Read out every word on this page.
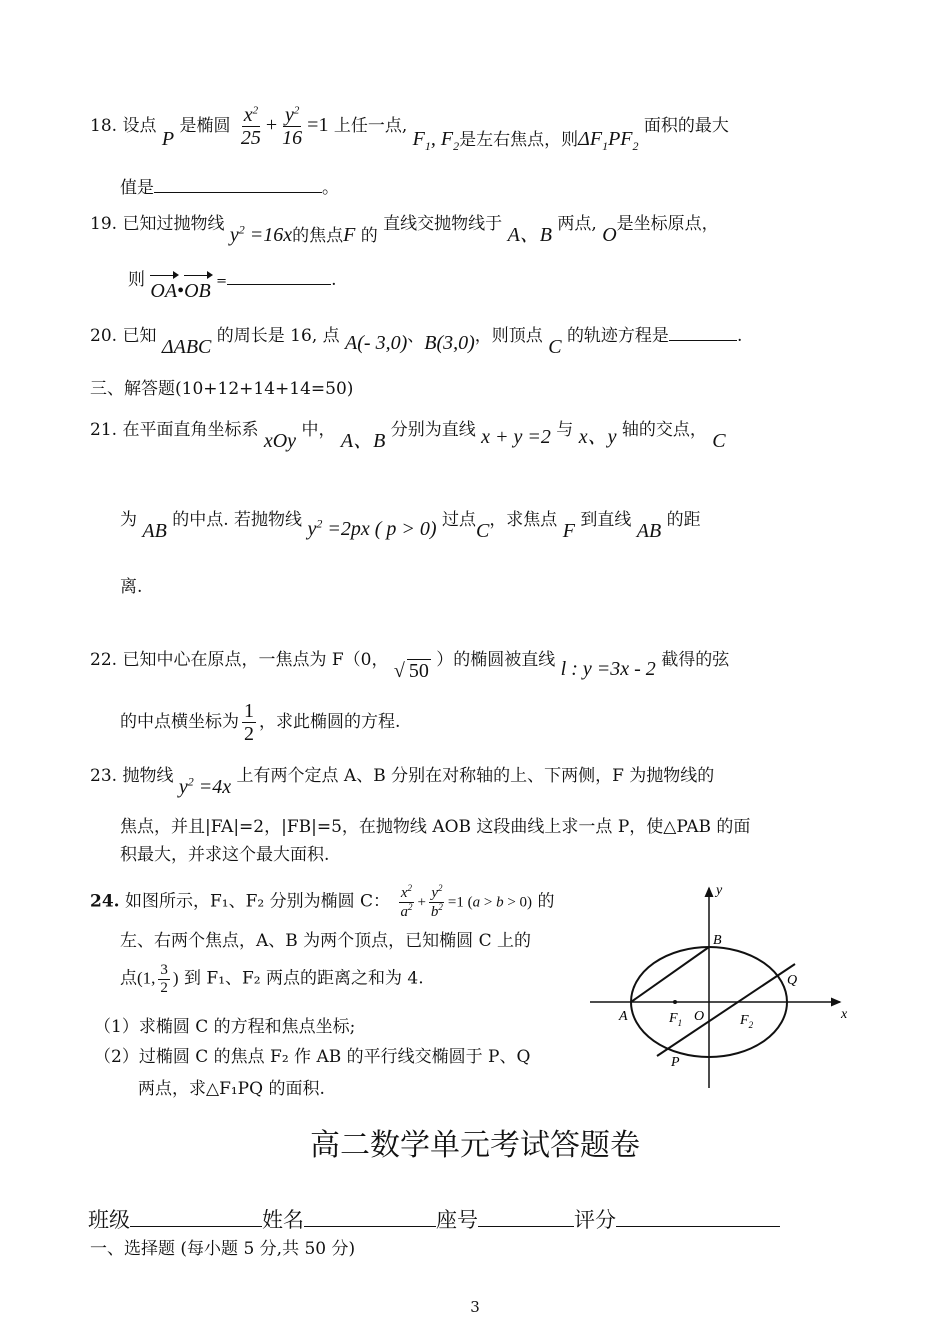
18. 设点 P 是椭圆 $\frac{x^2}{25} + \frac{y^2}{16} =1$ 上任一点, $F_1$, $F_2$是左右焦点，则$\Delta F_1PF_2$ 面积的最大
值是	。
19. 已知过抛物线 $y^2 =16x$的焦点F 的 直线交抛物线于 A、B 两点, O是坐标原点，
则 OA•OB =	.
20. 已知 ΔABC 的周长是 16, 点 A(- 3,0)、B(3,0)，则顶点 C 的轨迹方程是	.
三、解答题(10+12+14+14=50)
21. 在平面直角坐标系 xOy 中， A、B 分别为直线 x + y =2 与 x、y 轴的交点， C
为 AB 的中点. 若抛物线 $y^2 =2px$ ( p > 0) 过点C，求焦点 F 到直线 AB 的距
离.
22. 已知中心在原点，一焦点为 F（0， √ 50 ）的椭圆被直线 l : y =3x - 2 截得的弦
的中点横坐标为 $\frac{1}{2}$ ，求此椭圆的方程.
23. 抛物线 $y^2 =4x$ 上有两个定点 A、B 分别在对称轴的上、下两侧，F 为抛物线的
焦点，并且|FA|=2，|FB|=5，在抛物线 AOB 这段曲线上求一点 P，使△PAB 的面
积最大，并求这个最大面积.
24. 如图所示，F₁、F₂ 分别为椭圆 C： $\frac{x^2}{a^2} + \frac{y^2}{b^2} =1$ (a > b > 0) 的
左、右两个焦点，A、B 为两个顶点，已知椭圆 C 上的
点(1, $\frac{3}{2}$ ) 到 F₁、F₂ 两点的距离之和为 4.
（1）求椭圆 C 的方程和焦点坐标;
（2）过椭圆 C 的焦点 F₂ 作 AB 的平行线交椭圆于 P、Q
两点，求△F₁PQ 的面积.
x
y
A
B
$F_1$ O	$F_2$
Q
P
高二数学单元考试答题卷
班级	姓名	座号	评分
一、选择题 (每小题 5 分,共 50 分)
3
